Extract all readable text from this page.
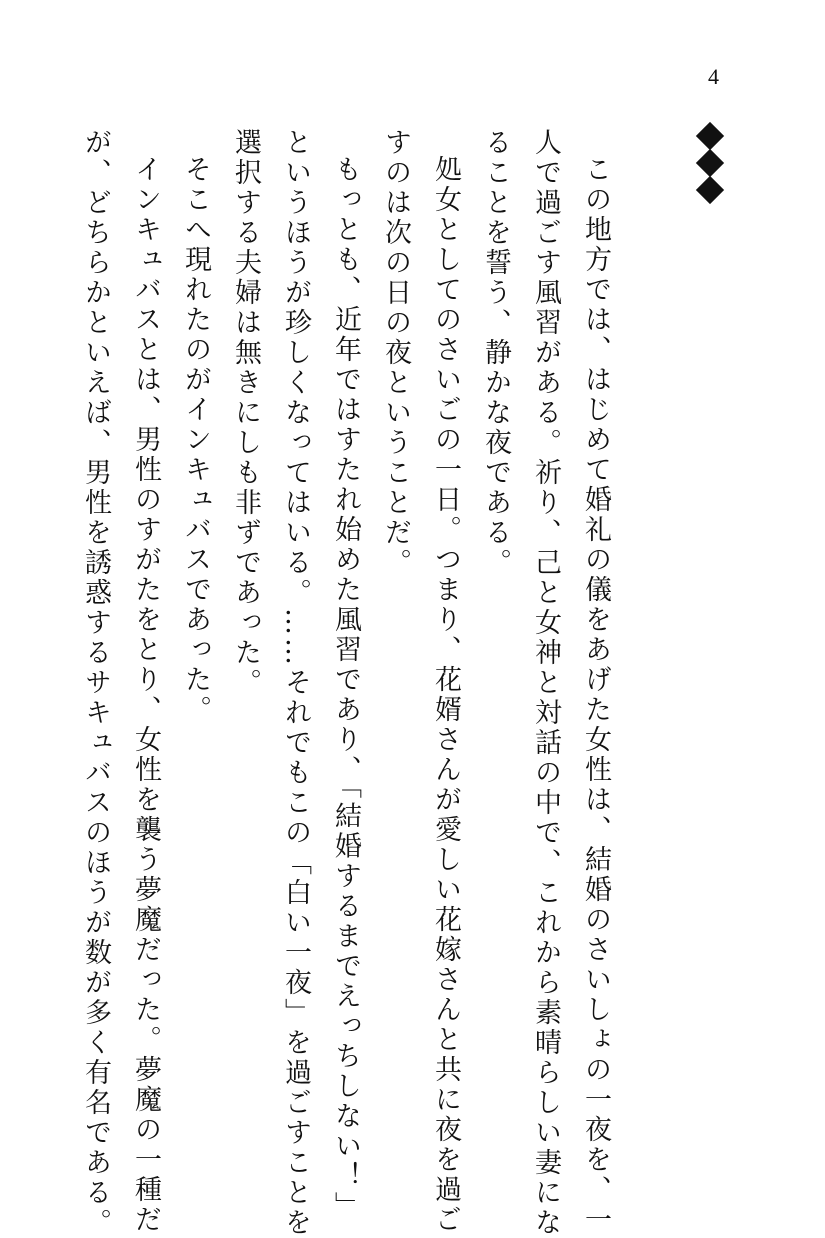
4
この地方では、はじめて婚礼の儀をあげた女性は、結婚のさいしょの一夜を、一
人で過ごす風習がある。祈り、己と女神と対話の中で、これから素晴らしい妻にな
ることを誓う、静かな夜である。
処女としてのさいごの一日。つまり、花婿さんが愛しい花嫁さんと共に夜を過ご
すのは次の日の夜ということだ。
もっとも、近年ではすたれ始めた風習であり、「結婚するまでえっちしない！」
というほうが珍しくなってはいる。……それでもこの「白い一夜」を過ごすことを
選択する夫婦は無きにしも非ずであった。
そこへ現れたのがインキュバスであった。
インキュバスとは、男性のすがたをとり、女性を襲う夢魔だった。夢魔の一種だ
が、どちらかといえば、男性を誘惑するサキュバスのほうが数が多く有名である。
